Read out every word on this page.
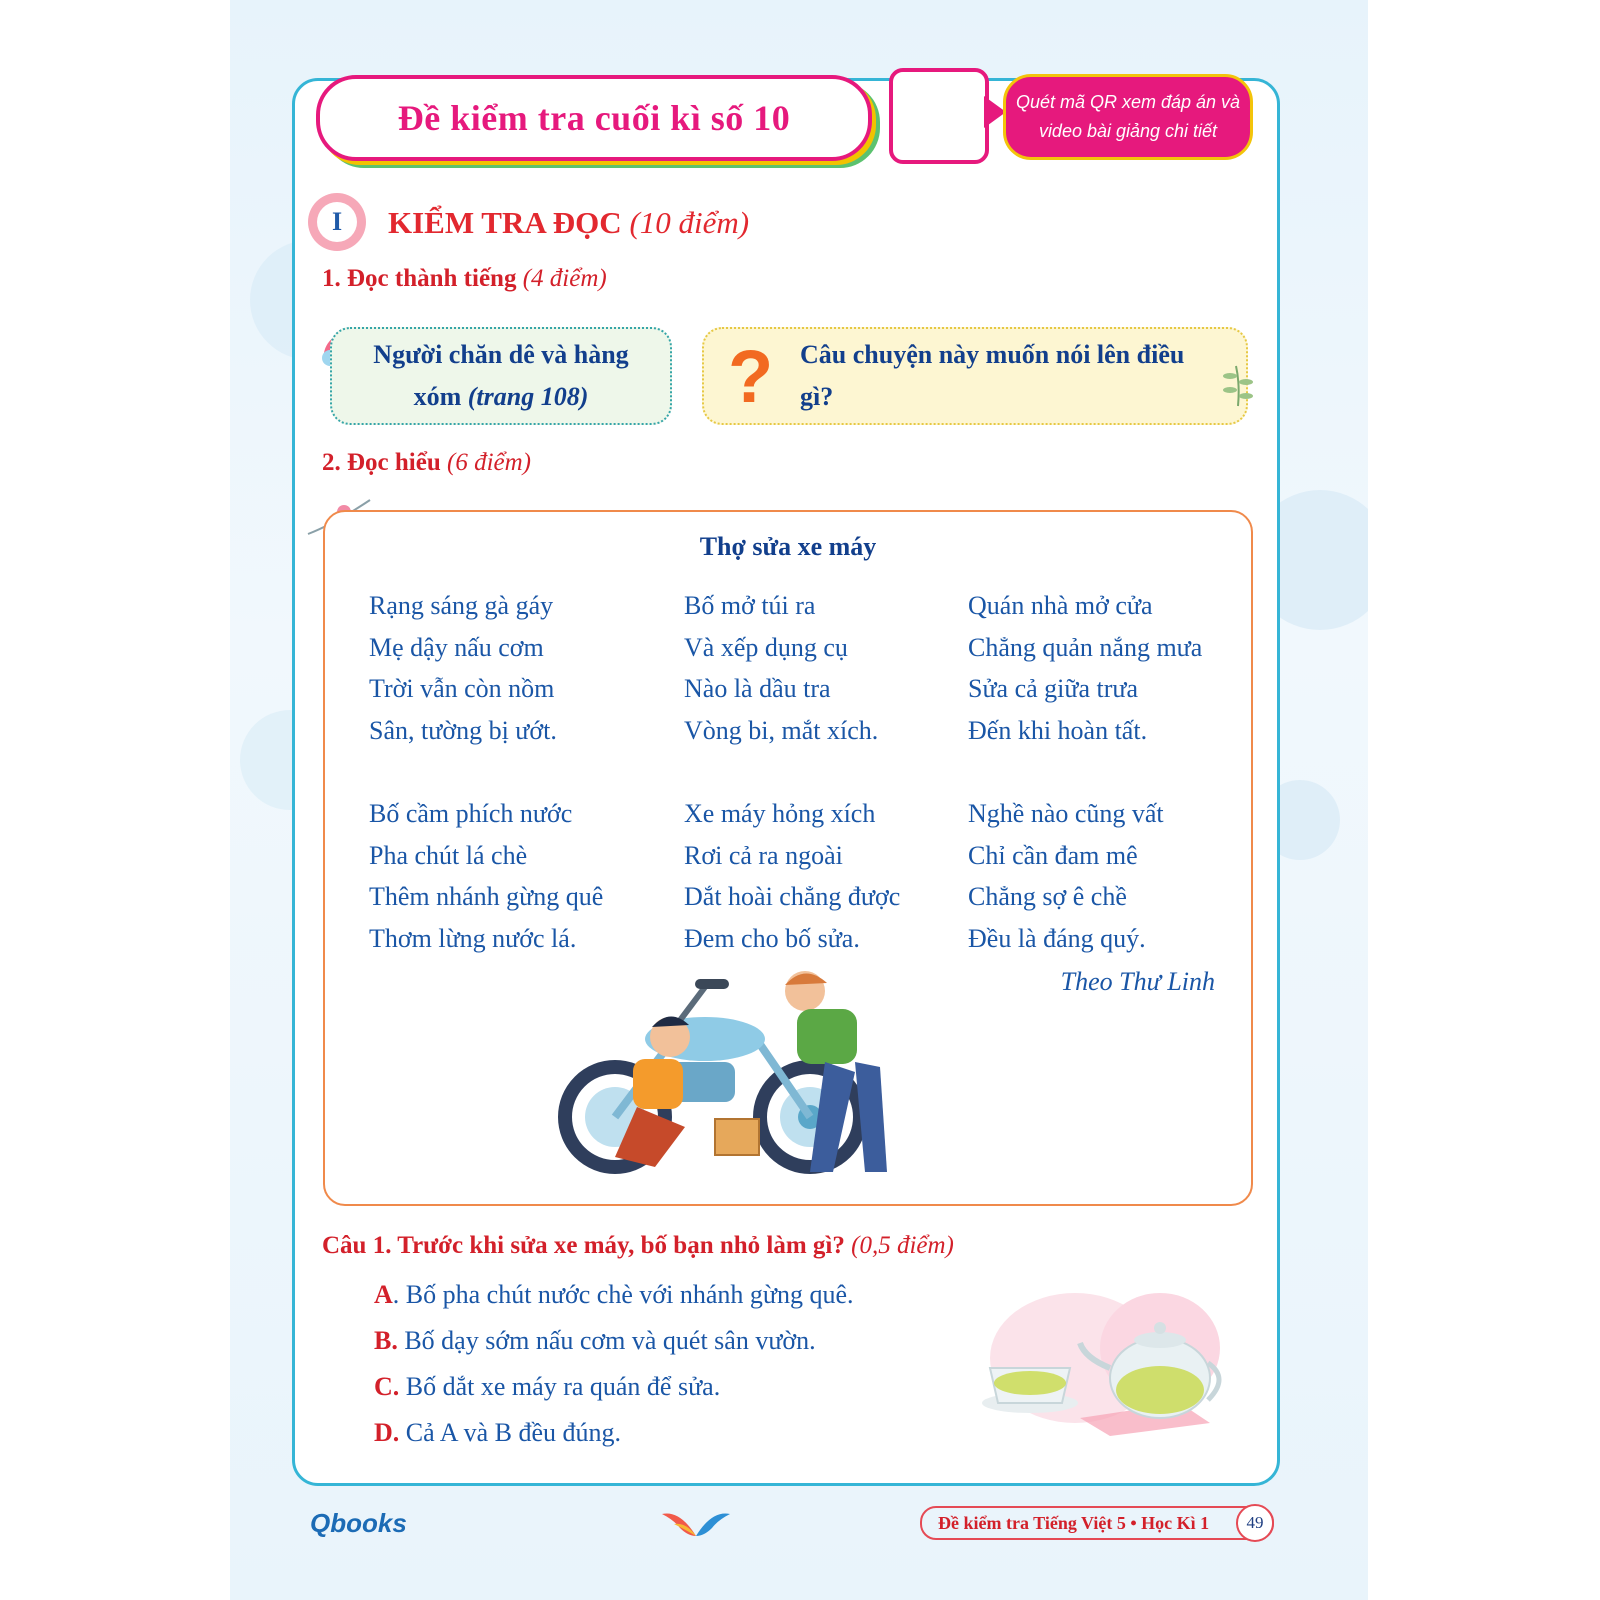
Đề kiểm tra cuối kì số 10	Quét mã QR xem đáp án và
video bài giảng chi tiết
I	KIỂM TRA ĐỌC (10 điểm)
1. Đọc thành tiếng (4 điểm)
Người chăn dê và hàng
xóm (trang 108)	? Câu chuyện này muốn nói lên điều
gì?
2. Đọc hiểu (6 điểm)
Thợ sửa xe máy
Rạng sáng gà gáy
Mẹ dậy nấu cơm
Trời vẫn còn nồm
Sân, tường bị ướt.
Bố mở túi ra
Và xếp dụng cụ
Nào là dầu tra
Vòng bi, mắt xích.
Quán nhà mở cửa
Chẳng quản nắng mưa
Sửa cả giữa trưa
Đến khi hoàn tất.
Bố cầm phích nước
Pha chút lá chè
Thêm nhánh gừng quê
Thơm lừng nước lá.
Xe máy hỏng xích
Rơi cả ra ngoài
Dắt hoài chẳng được
Đem cho bố sửa.
Nghề nào cũng vất
Chỉ cần đam mê
Chẳng sợ ê chề
Đều là đáng quý.
Theo Thư Linh
Câu 1. Trước khi sửa xe máy, bố bạn nhỏ làm gì? (0,5 điểm)
A. Bố pha chút nước chè với nhánh gừng quê.
B. Bố dạy sớm nấu cơm và quét sân vườn.
C. Bố dắt xe máy ra quán để sửa.
D. Cả A và B đều đúng.
Qbooks	Đề kiểm tra Tiếng Việt 5 • Học Kì 1	49
